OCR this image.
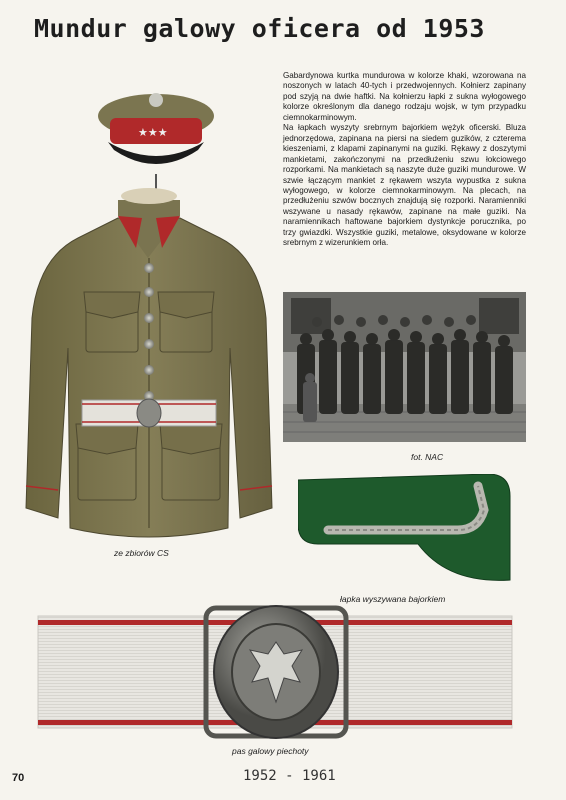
Mundur galowy oficera od 1953
★★★
ze zbiorów CS

Gabardynowa kurtka mundurowa w kolorze khaki, wzorowana na noszonych w latach 40-tych i przedwojennych. Kołnierz zapinany pod szyją na dwie haftki. Na kołnierzu łapki z sukna wyłogowego kolorze określonym dla danego rodzaju wojsk, w tym przypadku ciemnokarminowym.

Na łapkach wyszyty srebrnym bajorkiem wężyk oficerski. Bluza jednorzędowa, zapinana na piersi na siedem guzików, z czterema kieszeniami, z klapami zapinanymi na guziki. Rękawy z doszytymi mankietami, zakończonymi na przedłużeniu szwu łokciowego rozporkami. Na mankietach są naszyte duże guziki mundurowe. W szwie łączącym mankiet z rękawem wszyta wypustka z sukna wyłogowego, w kolorze ciemnokarminowym. Na plecach, na przedłużeniu szwów bocznych znajdują się rozporki. Naramienniki wszywane u nasady rękawów, zapinane na małe guziki. Na naramiennikach haftowane bajorkiem dystynkcje porucznika, po trzy gwiazdki. Wszystkie guziki, metalowe, oksydowane w kolorze srebrnym z wizerunkiem orła.

fot. NAC
łapka wyszywana bajorkiem
pas galowy piechoty
70	1952 - 1961
